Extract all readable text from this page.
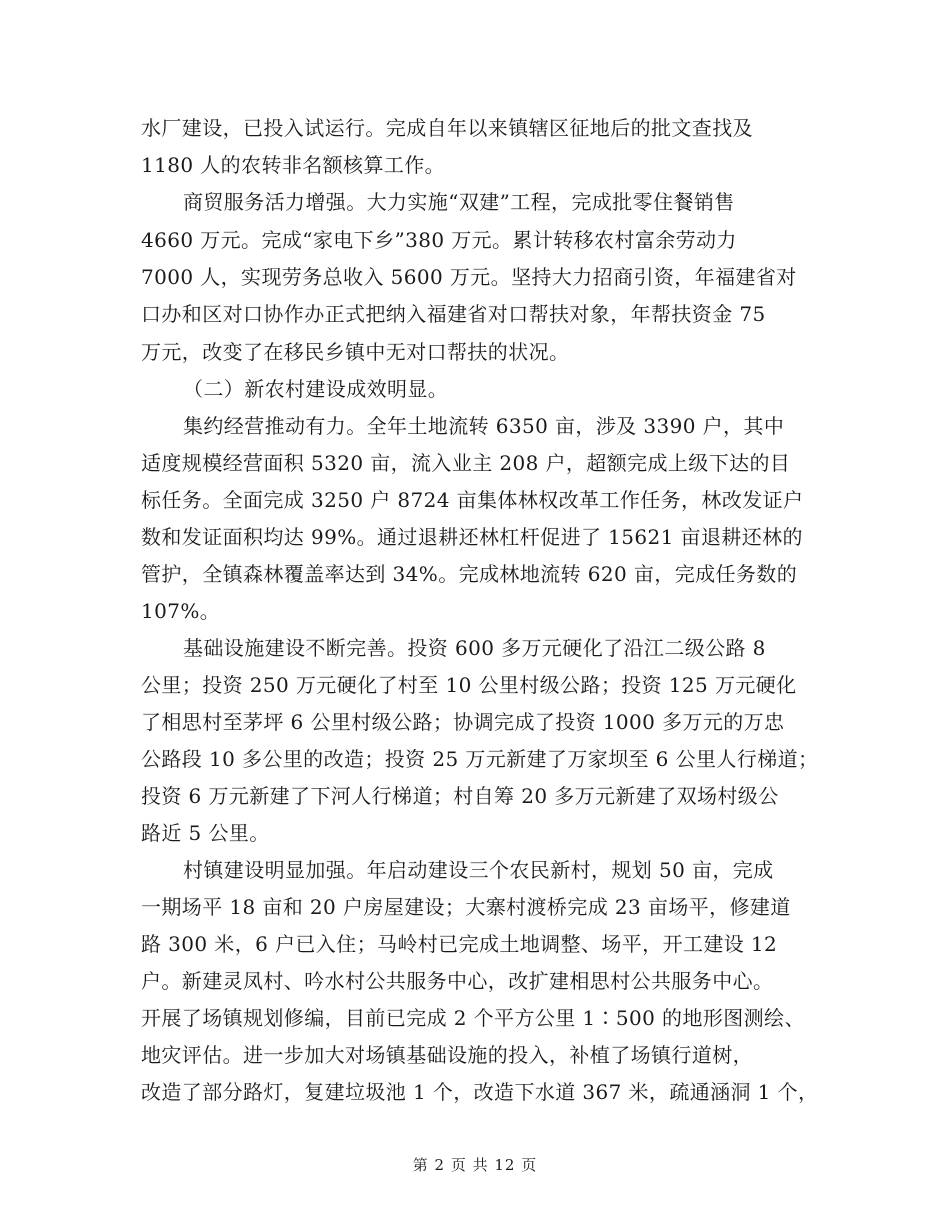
水厂建设，已投入试运行。完成自年以来镇辖区征地后的批文查找及
1180 人的农转非名额核算工作。
商贸服务活力增强。大力实施“双建”工程，完成批零住餐销售
4660 万元。完成“家电下乡”380 万元。累计转移农村富余劳动力
7000 人，实现劳务总收入 5600 万元。坚持大力招商引资，年福建省对
口办和区对口协作办正式把纳入福建省对口帮扶对象，年帮扶资金 75
万元，改变了在移民乡镇中无对口帮扶的状况。
（二）新农村建设成效明显。
集约经营推动有力。全年土地流转 6350 亩，涉及 3390 户，其中
适度规模经营面积 5320 亩，流入业主 208 户，超额完成上级下达的目
标任务。全面完成 3250 户 8724 亩集体林权改革工作任务，林改发证户
数和发证面积均达 99%。通过退耕还林杠杆促进了 15621 亩退耕还林的
管护，全镇森林覆盖率达到 34%。完成林地流转 620 亩，完成任务数的
107%。
基础设施建设不断完善。投资 600 多万元硬化了沿江二级公路 8
公里；投资 250 万元硬化了村至 10 公里村级公路；投资 125 万元硬化
了相思村至茅坪 6 公里村级公路；协调完成了投资 1000 多万元的万忠
公路段 10 多公里的改造；投资 25 万元新建了万家坝至 6 公里人行梯道；
投资 6 万元新建了下河人行梯道；村自筹 20 多万元新建了双场村级公
路近 5 公里。
村镇建设明显加强。年启动建设三个农民新村，规划 50 亩，完成
一期场平 18 亩和 20 户房屋建设；大寨村渡桥完成 23 亩场平，修建道
路 300 米，6 户已入住；马岭村已完成土地调整、场平，开工建设 12
户。新建灵凤村、吟水村公共服务中心，改扩建相思村公共服务中心。
开展了场镇规划修编，目前已完成 2 个平方公里 1∶500 的地形图测绘、
地灾评估。进一步加大对场镇基础设施的投入，补植了场镇行道树，
改造了部分路灯，复建垃圾池 1 个，改造下水道 367 米，疏通涵洞 1 个，
第 2 页 共 12 页
